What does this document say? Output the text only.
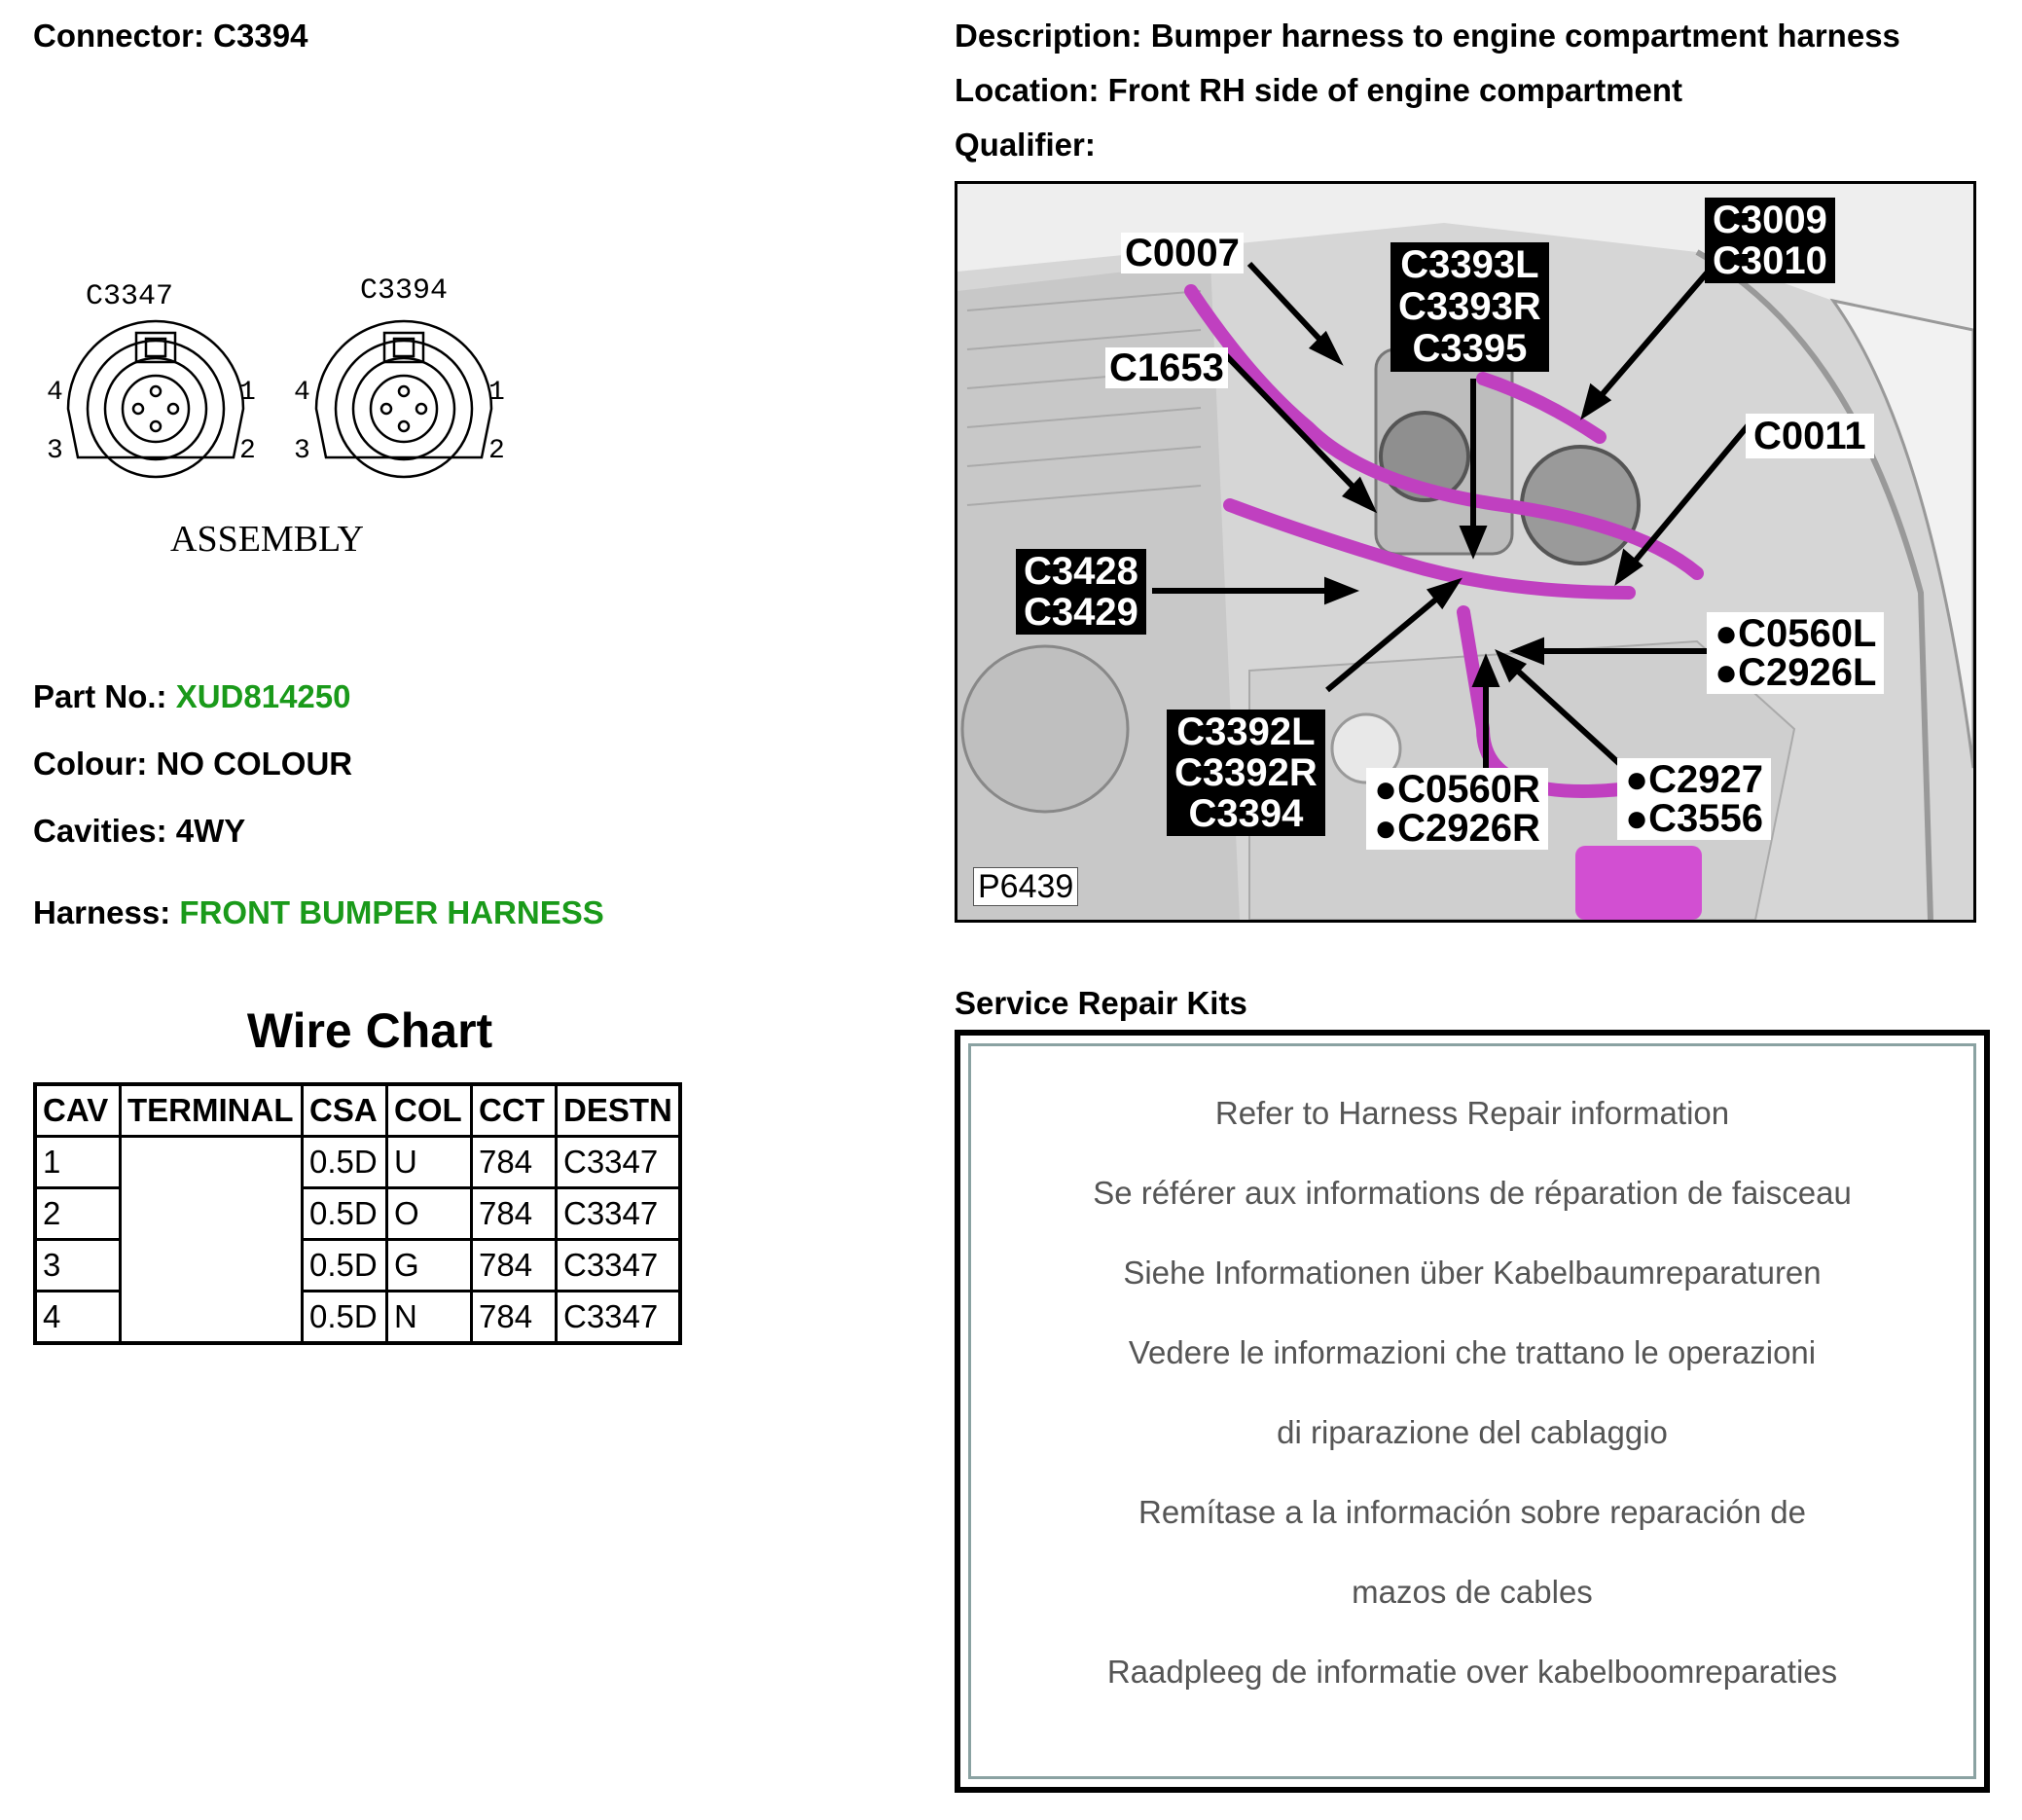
Connector: C3394	Description: Bumper harness to engine compartment harness
Location: Front RH side of engine compartment
Qualifier:
C3347
4	1
3	2
C3394
4	1
3	2
ASSEMBLY
Part No.: XUD814250
Colour: NO COLOUR
Cavities: 4WY
Harness: FRONT BUMPER HARNESS
Wire Chart
CAV	TERMINAL	CSA	COL	CCT	DESTN
1		0.5D	U	784	C3347
2		0.5D	O	784	C3347
3		0.5D	G	784	C3347
4		0.5D	N	784	C3347
C0007	C3393L
C3393R
C3395
C3009
C3010
C1653
C0011
C3428
C3429	●C0560L
●C2926L
C3392L
C3392R
C3394
●C0560R
●C2926R
●C2927
●C3556
P6439
Service Repair Kits
Refer to Harness Repair information
Se référer aux informations de réparation de faisceau
Siehe Informationen über Kabelbaumreparaturen
Vedere le informazioni che trattano le operazioni
di riparazione del cablaggio
Remítase a la información sobre reparación de
mazos de cables
Raadpleeg de informatie over kabelboomreparaties
